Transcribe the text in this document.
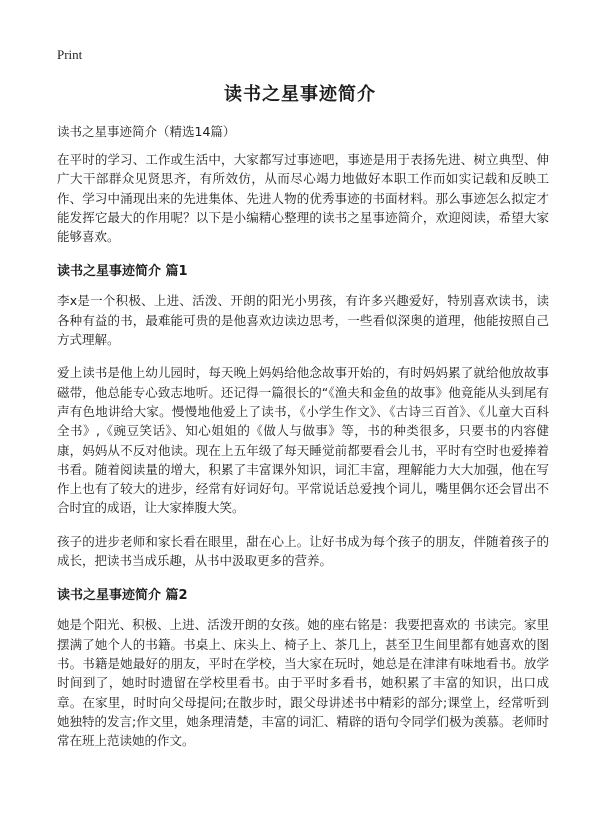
Print
读书之星事迹简介
读书之星事迹简介（精选14篇）

在平时的学习、工作或生活中，大家都写过事迹吧，事迹是用于表扬先进、树立典型、伸广大干部群众见贤思齐，有所效仿，从而尽心竭力地做好本职工作而如实记载和反映工作、学习中涌现出来的先进集体、先进人物的优秀事迹的书面材料。那么事迹怎么拟定才能发挥它最大的作用呢？以下是小编精心整理的读书之星事迹简介，欢迎阅读，希望大家能够喜欢。

读书之星事迹简介 篇1

李x是一个积极、上进、活泼、开朗的阳光小男孩，有许多兴趣爱好，特别喜欢读书，读各种有益的书，最难能可贵的是他喜欢边读边思考，一些看似深奥的道理，他能按照自己方式理解。

爱上读书是他上幼儿园时，每天晚上妈妈给他念故事开始的，有时妈妈累了就给他放故事磁带，他总能专心致志地听。还记得一篇很长的“《渔夫和金鱼的故事》他竟能从头到尾有声有色地讲给大家。慢慢地他爱上了读书，《小学生作文》、《古诗三百首》、《儿童大百科全书》,《豌豆笑话》、知心姐姐的《做人与做事》等，书的种类很多，只要书的内容健康，妈妈从不反对他读。现在上五年级了每天睡觉前都要看会儿书，平时有空时也爱捧着书看。随着阅读量的增大，积累了丰富课外知识，词汇丰富，理解能力大大加强，他在写作上也有了较大的进步，经常有好词好句。平常说话总爱拽个词儿，嘴里偶尔还会冒出不合时宜的成语，让大家捧腹大笑。

孩子的进步老师和家长看在眼里，甜在心上。让好书成为每个孩子的朋友，伴随着孩子的成长，把读书当成乐趣，从书中汲取更多的营养。

读书之星事迹简介 篇2

她是个阳光、积极、上进、活泼开朗的女孩。她的座右铭是：我要把喜欢的 书读完。家里摆满了她个人的书籍。书桌上、床头上、椅子上、茶几上，甚至卫生间里都有她喜欢的图书。书籍是她最好的朋友，平时在学校，当大家在玩时，她总是在津津有味地看书。放学时间到了，她时时遗留在学校里看书。由于平时多看书，她积累了丰富的知识，出口成章。在家里，时时向父母提问;在散步时，跟父母讲述书中精彩的部分;课堂上，经常听到她独特的发言;作文里，她条理清楚，丰富的词汇、精辟的语句令同学们极为羡慕。老师时常在班上范读她的作文。
